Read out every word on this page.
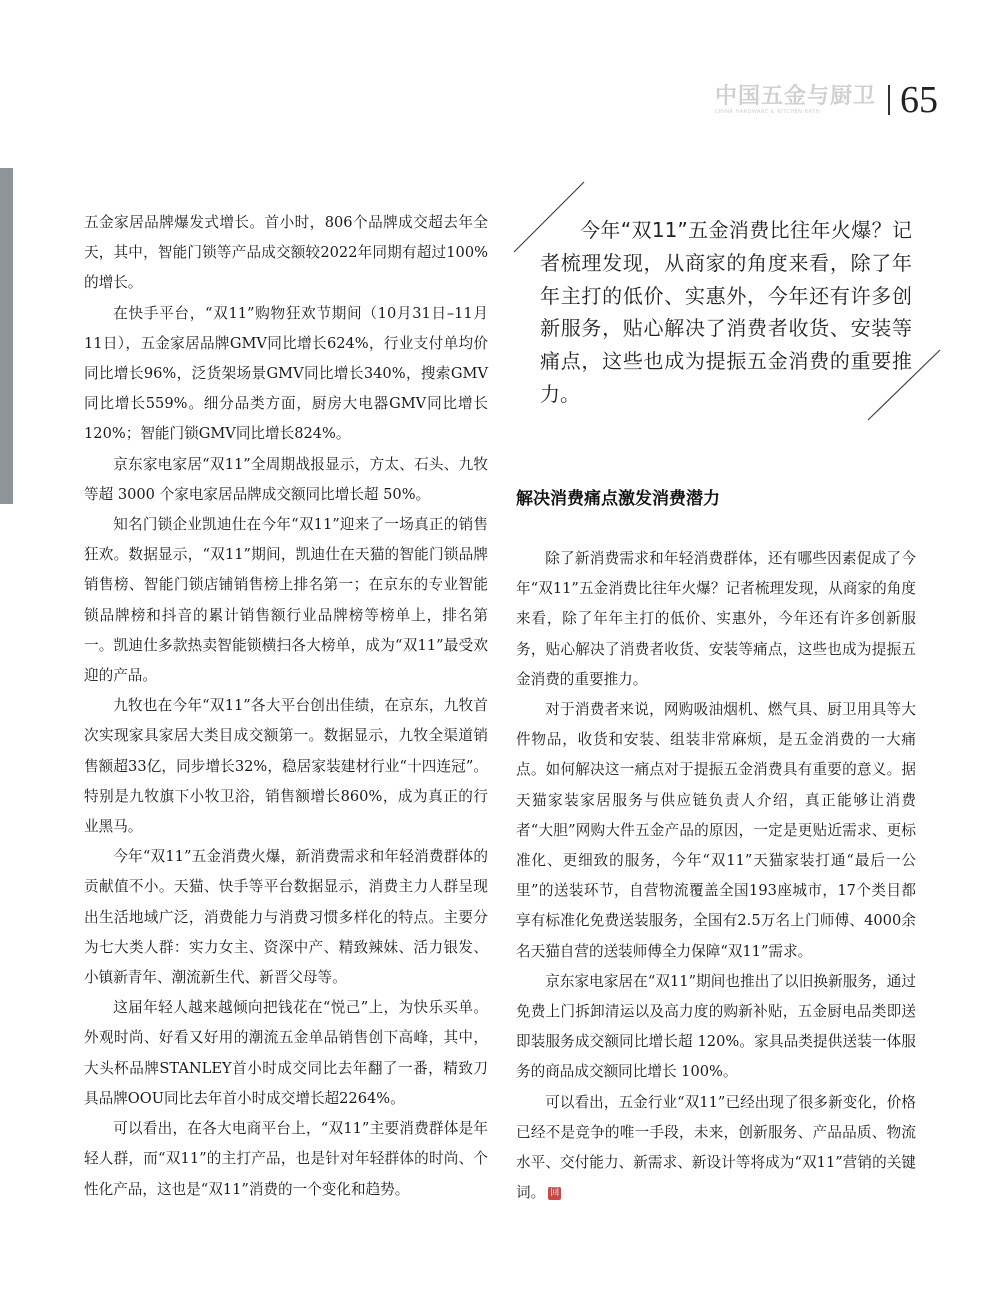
中国五金与厨卫
CHINA HARDWARE & KITCHEN·BATH 65

五金家居品牌爆发式增长。首小时，806个品牌成交超去年全天，其中，智能门锁等产品成交额较2022年同期有超过100%的增长。

在快手平台，“双11”购物狂欢节期间（10月31日–11月11日），五金家居品牌GMV同比增长624%，行业支付单均价同比增长96%，泛货架场景GMV同比增长340%，搜索GMV同比增长559%。细分品类方面，厨房大电器GMV同比增长120%；智能门锁GMV同比增长824%。

京东家电家居“双11”全周期战报显示，方太、石头、九牧等超 3000 个家电家居品牌成交额同比增长超 50%。

知名门锁企业凯迪仕在今年“双11”迎来了一场真正的销售狂欢。数据显示，“双11”期间，凯迪仕在天猫的智能门锁品牌销售榜、智能门锁店铺销售榜上排名第一；在京东的专业智能锁品牌榜和抖音的累计销售额行业品牌榜等榜单上，排名第一。凯迪仕多款热卖智能锁横扫各大榜单，成为“双11”最受欢迎的产品。

九牧也在今年“双11”各大平台创出佳绩，在京东，九牧首次实现家具家居大类目成交额第一。数据显示，九牧全渠道销售额超33亿，同步增长32%，稳居家装建材行业“十四连冠”。特别是九牧旗下小牧卫浴，销售额增长860%，成为真正的行业黑马。

今年“双11”五金消费火爆，新消费需求和年轻消费群体的贡献值不小。天猫、快手等平台数据显示，消费主力人群呈现出生活地域广泛，消费能力与消费习惯多样化的特点。主要分为七大类人群：实力女主、资深中产、精致辣妹、活力银发、小镇新青年、潮流新生代、新晋父母等。

这届年轻人越来越倾向把钱花在“悦己”上，为快乐买单。外观时尚、好看又好用的潮流五金单品销售创下高峰，其中，大头杯品牌STANLEY首小时成交同比去年翻了一番，精致刀具品牌OOU同比去年首小时成交增长超2264%。

可以看出，在各大电商平台上，“双11”主要消费群体是年轻人群，而“双11”的主打产品，也是针对年轻群体的时尚、个性化产品，这也是“双11”消费的一个变化和趋势。

今年“双11”五金消费比往年火爆？记者梳理发现，从商家的角度来看，除了年年主打的低价、实惠外，今年还有许多创新服务，贴心解决了消费者收货、安装等痛点，这些也成为提振五金消费的重要推力。

解决消费痛点激发消费潜力

除了新消费需求和年轻消费群体，还有哪些因素促成了今年“双11”五金消费比往年火爆？记者梳理发现，从商家的角度来看，除了年年主打的低价、实惠外，今年还有许多创新服务，贴心解决了消费者收货、安装等痛点，这些也成为提振五金消费的重要推力。

对于消费者来说，网购吸油烟机、燃气具、厨卫用具等大件物品，收货和安装、组装非常麻烦，是五金消费的一大痛点。如何解决这一痛点对于提振五金消费具有重要的意义。据天猫家装家居服务与供应链负责人介绍，真正能够让消费者“大胆”网购大件五金产品的原因，一定是更贴近需求、更标准化、更细致的服务，今年“双11”天猫家装打通“最后一公里”的送装环节，自营物流覆盖全国193座城市，17个类目都享有标准化免费送装服务，全国有2.5万名上门师傅、4000余名天猫自营的送装师傅全力保障“双11”需求。

京东家电家居在“双11”期间也推出了以旧换新服务，通过免费上门拆卸清运以及高力度的购新补贴，五金厨电品类即送即装服务成交额同比增长超 120%。家具品类提供送装一体服务的商品成交额同比增长 100%。

可以看出，五金行业“双11”已经出现了很多新变化，价格已经不是竞争的唯一手段，未来，创新服务、产品品质、物流水平、交付能力、新需求、新设计等将成为“双11”营销的关键词。 回
